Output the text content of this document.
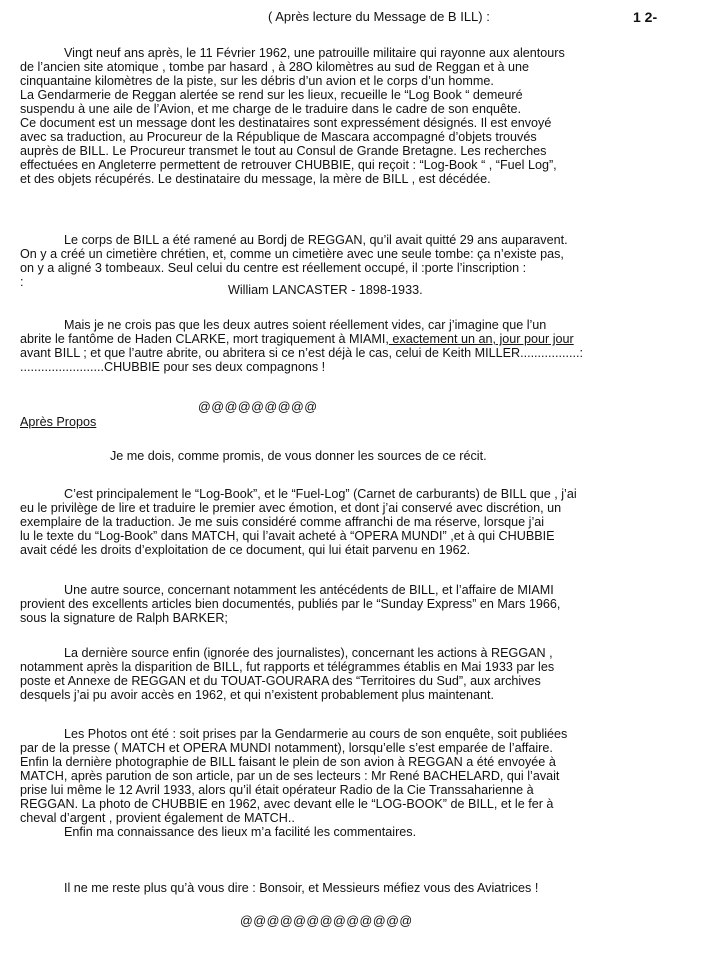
( Après lecture du Message de B ILL) :	1 2-

Vingt neuf ans après, le 11 Février 1962, une patrouille militaire qui rayonne aux alentours

de l’ancien site atomique , tombe par hasard , à 28O kilomètres au sud de Reggan et à une

cinquantaine kilomètres de la piste, sur les débris d’un avion et le corps d’un homme.

La Gendarmerie de Reggan alertée se rend sur les lieux, recueille le “Log Book “ demeuré

suspendu à une aile de l’Avion, et me charge de le traduire dans le cadre de son enquête.

Ce document est un message dont les destinataires sont expressément désignés. Il est envoyé

avec sa traduction, au Procureur de la République de Mascara accompagné d’objets trouvés

auprès de BILL. Le Procureur transmet le tout au Consul de Grande Bretagne. Les recherches

effectuées en Angleterre permettent de retrouver CHUBBIE, qui reçoit : “Log-Book “ , “Fuel Log”,

et des objets récupérés. Le destinataire du message, la mère de BILL , est décédée.

Le corps de BILL a été ramené au Bordj de REGGAN, qu’il avait quitté 29 ans auparavent.

On y a créé un cimetière chrétien, et, comme un cimetière avec une seule tombe: ça n’existe pas,

on y a aligné 3 tombeaux. Seul celui du centre est réellement occupé, il :porte l’inscription :

:

William LANCASTER - 1898-1933.

Mais je ne crois pas que les deux autres soient réellement vides, car j’imagine que l’un

abrite le fantôme de Haden CLARKE, mort tragiquement à MIAMI, exactement un an, jour pour jour

avant BILL ; et que l’autre abrite, ou abritera si ce n’est déjà le cas, celui de Keith MILLER.................:

........................CHUBBIE pour ses deux compagnons !

@@@@@@@@@
Après Propos

Je me dois, comme promis, de vous donner les sources de ce récit.

C’est principalement le “Log-Book”, et le “Fuel-Log” (Carnet de carburants) de BILL que , j’ai

eu le privilège de lire et traduire le premier avec émotion, et dont j’ai conservé avec discrétion, un

exemplaire de la traduction. Je me suis considéré comme affranchi de ma réserve, lorsque j’ai

lu le texte du “Log-Book” dans MATCH, qui l’avait acheté à “OPERA MUNDI” ,et à qui CHUBBIE

avait cédé les droits d’exploitation de ce document, qui lui était parvenu en 1962.

Une autre source, concernant notamment les antécédents de BILL, et l’affaire de MIAMI

provient des excellents articles bien documentés, publiés par le “Sunday Express” en Mars 1966,

sous la signature de Ralph BARKER;

La dernière source enfin (ignorée des journalistes), concernant les actions à REGGAN ,

notamment après la disparition de BILL, fut rapports et télégrammes établis en Mai 1933 par les

poste et Annexe de REGGAN et du TOUAT-GOURARA des “Territoires du Sud”, aux archives

desquels j’ai pu avoir accès en 1962, et qui n’existent probablement plus maintenant.

Les Photos ont été : soit prises par la Gendarmerie au cours de son enquête, soit publiées

par de la presse ( MATCH et OPERA MUNDI notamment), lorsqu’elle s’est emparée de l’affaire.

Enfin la dernière photographie de BILL faisant le plein de son avion à REGGAN a été envoyée à

MATCH, après parution de son article, par un de ses lecteurs : Mr René BACHELARD, qui l’avait

prise lui même le 12 Avril 1933, alors qu’il était opérateur Radio de la Cie Transsaharienne à

REGGAN. La photo de CHUBBIE en 1962, avec devant elle le “LOG-BOOK” de BILL, et le fer à

cheval d’argent , provient également de MATCH..

Enfin ma connaissance des lieux m’a facilité les commentaires.

Il ne me reste plus qu’à vous dire : Bonsoir, et Messieurs méfiez vous des Aviatrices !

@@@@@@@@@@@@@
